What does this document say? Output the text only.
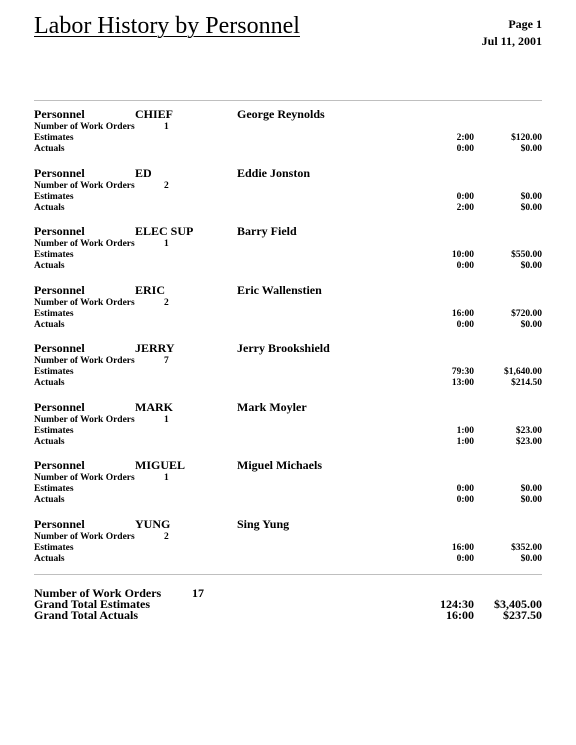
Labor History by Personnel	Page 1
Jul 11, 2001
Personnel	CHIEF	George Reynolds
Number of Work Orders	1
Estimates	2:00	$120.00
Actuals	0:00	$0.00
Personnel	ED	Eddie Jonston
Number of Work Orders	2
Estimates	0:00	$0.00
Actuals	2:00	$0.00
Personnel	ELEC SUP	Barry Field
Number of Work Orders	1
Estimates	10:00	$550.00
Actuals	0:00	$0.00
Personnel	ERIC	Eric Wallenstien
Number of Work Orders	2
Estimates	16:00	$720.00
Actuals	0:00	$0.00
Personnel	JERRY	Jerry Brookshield
Number of Work Orders	7
Estimates	79:30	$1,640.00
Actuals	13:00	$214.50
Personnel	MARK	Mark Moyler
Number of Work Orders	1
Estimates	1:00	$23.00
Actuals	1:00	$23.00
Personnel	MIGUEL	Miguel Michaels
Number of Work Orders	1
Estimates	0:00	$0.00
Actuals	0:00	$0.00
Personnel	YUNG	Sing Yung
Number of Work Orders	2
Estimates	16:00	$352.00
Actuals	0:00	$0.00
Number of Work Orders	17
Grand Total Estimates	124:30 $3,405.00
Grand Total Actuals	16:00 $237.50
